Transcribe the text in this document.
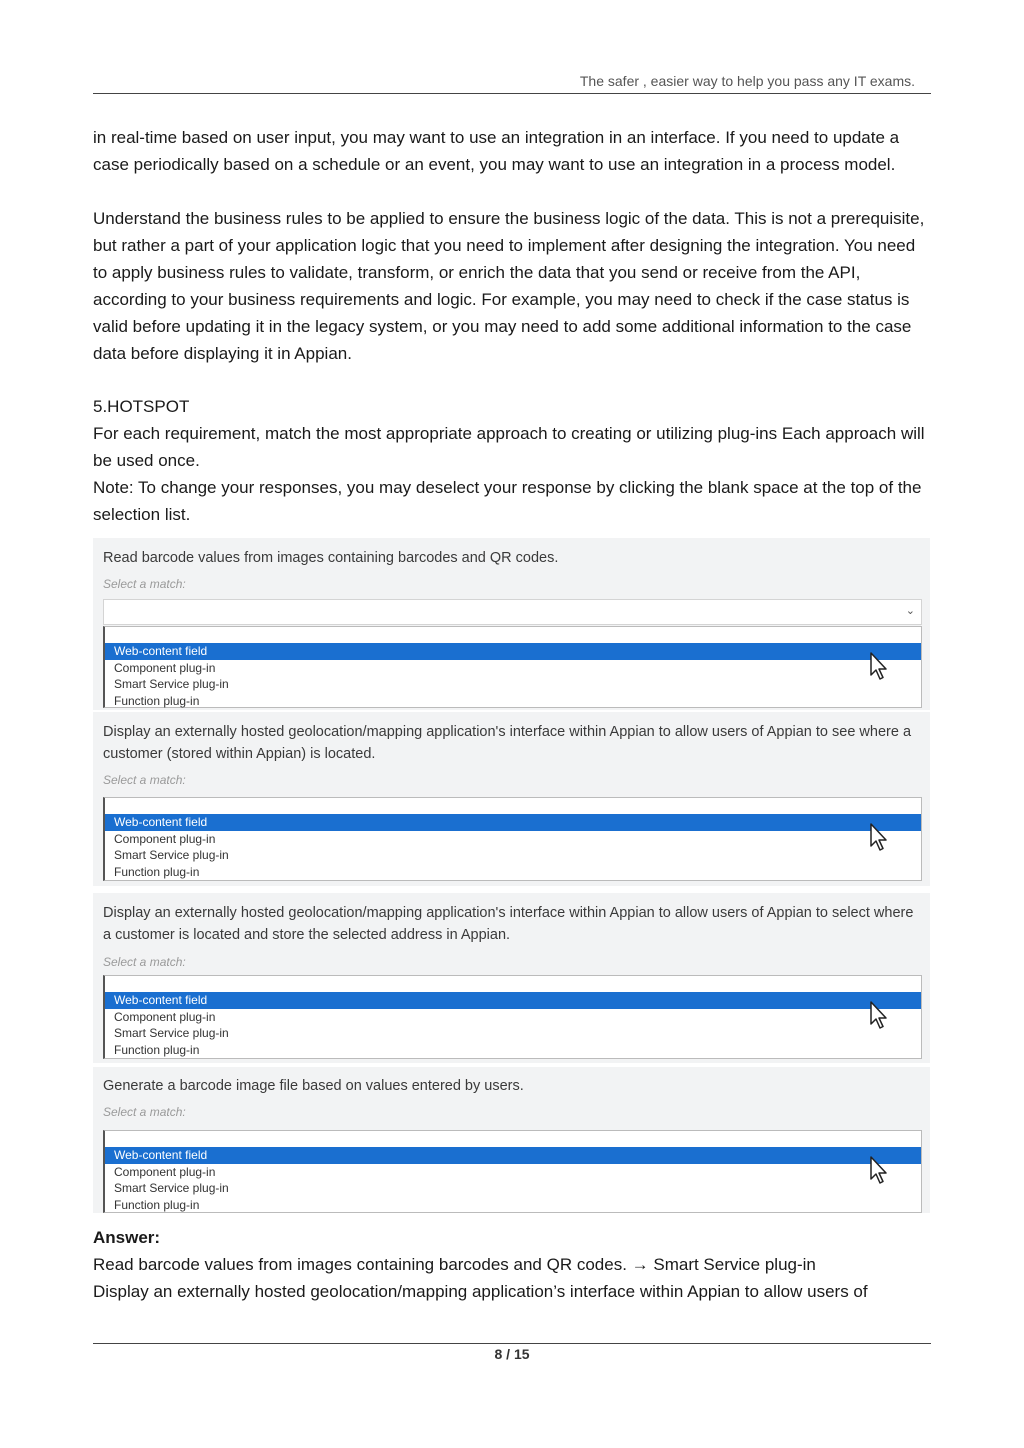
The safer , easier way to help you pass any IT exams.

in real-time based on user input, you may want to use an integration in an interface. If you need to update a case periodically based on a schedule or an event, you may want to use an integration in a process model.

Understand the business rules to be applied to ensure the business logic of the data. This is not a prerequisite, but rather a part of your application logic that you need to implement after designing the integration. You need to apply business rules to validate, transform, or enrich the data that you send or receive from the API, according to your business requirements and logic. For example, you may need to check if the case status is valid before updating it in the legacy system, or you may need to add some additional information to the case data before displaying it in Appian.

5.HOTSPOT

For each requirement, match the most appropriate approach to creating or utilizing plug-ins Each approach will be used once.

Note: To change your responses, you may deselect your response by clicking the blank space at the top of the selection list.

Read barcode values from images containing barcodes and QR codes.
Select a match:
⌄
Web-content field
Component plug-in
Smart Service plug-in
Function plug-in
Display an externally hosted geolocation/mapping application's interface within Appian to allow users of Appian to see where a customer (stored within Appian) is located.
Select a match:
Web-content field
Component plug-in
Smart Service plug-in
Function plug-in
Display an externally hosted geolocation/mapping application's interface within Appian to allow users of Appian to select where a customer is located and store the selected address in Appian.
Select a match:
Web-content field
Component plug-in
Smart Service plug-in
Function plug-in
Generate a barcode image file based on values entered by users.
Select a match:
Web-content field
Component plug-in
Smart Service plug-in
Function plug-in
Answer:
Read barcode values from images containing barcodes and QR codes. → Smart Service plug-in
Display an externally hosted geolocation/mapping application’s interface within Appian to allow users of
8 / 15
